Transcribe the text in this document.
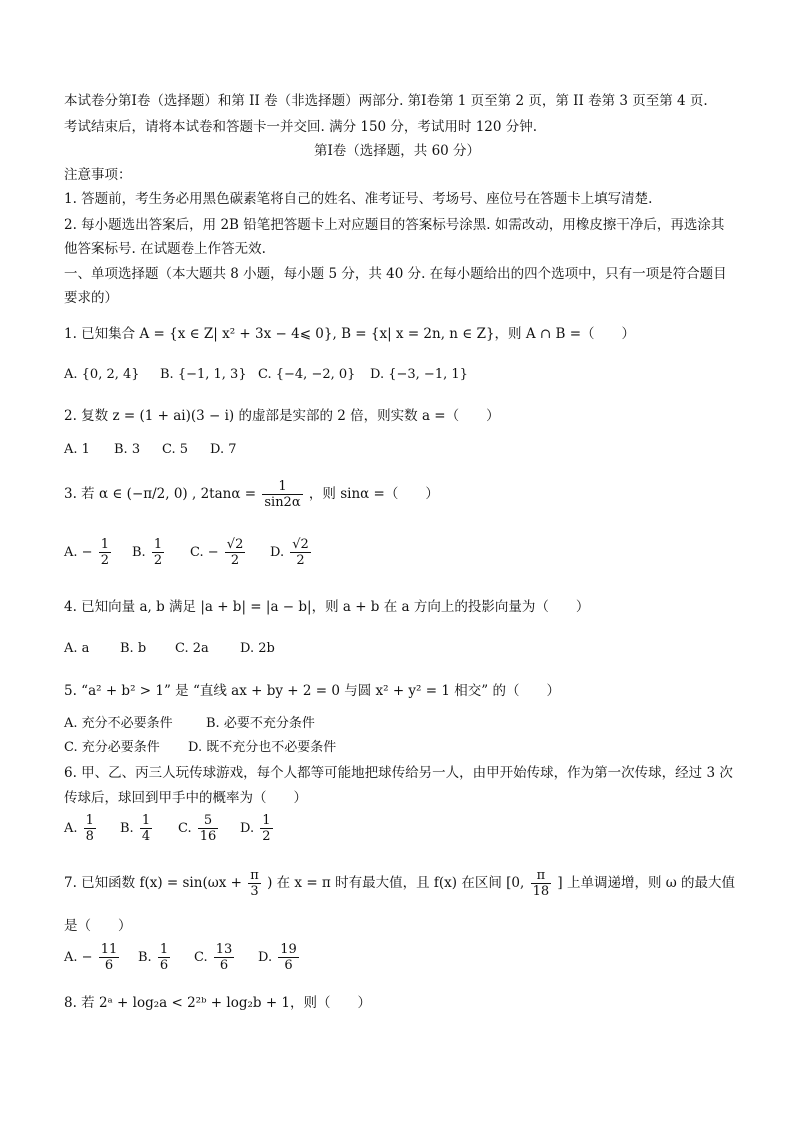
本试卷分第Ⅰ卷（选择题）和第 II 卷（非选择题）两部分. 第Ⅰ卷第 1 页至第 2 页，第 II 卷第 3 页至第 4 页.
考试结束后，请将本试卷和答题卡一并交回. 满分 150 分，考试用时 120 分钟.
第Ⅰ卷（选择题，共 60 分）
注意事项：
1. 答题前，考生务必用黑色碳素笔将自己的姓名、准考证号、考场号、座位号在答题卡上填写清楚.
2. 每小题选出答案后，用 2B 铅笔把答题卡上对应题目的答案标号涂黑. 如需改动，用橡皮擦干净后，再选涂其
他答案标号. 在试题卷上作答无效.
一、单项选择题（本大题共 8 小题，每小题 5 分，共 40 分. 在每小题给出的四个选项中，只有一项是符合题目
要求的）
1. 已知集合 A = {x ∈ Z| x² + 3x − 4⩽ 0}, B = {x| x = 2n, n ∈ Z}，则 A ∩ B =（　　）
A. {0, 2, 4} B. {−1, 1, 3} C. {−4, −2, 0} D. {−3, −1, 1}
2. 复数 z = (1 + ai)(3 − i) 的虚部是实部的 2 倍，则实数 a =（　　）
A. 1 B. 3 C. 5 D. 7
3. 若 α ∈ (−π/2, 0) , $2\tan\alpha = \frac{1}{\sin 2\alpha}$ ，则 sinα =（　　）
A. − $\frac{1}{2} B$. $\frac{1}{2} C$. − $\frac{√2}{2} D$. $\frac{√2}{2}$
4. 已知向量 a, b 满足 |a + b| = |a − b|，则 a + b 在 a 方向上的投影向量为（　　）
A. a B. b C. 2a D. 2b
5. “a² + b² > 1” 是 “直线 ax + by + 2 = 0 与圆 x² + y² = 1 相交” 的（　　）
A. 充分不必要条件	B. 必要不充分条件
C. 充分必要条件 D. 既不充分也不必要条件
6. 甲、乙、丙三人玩传球游戏，每个人都等可能地把球传给另一人，由甲开始传球，作为第一次传球，经过 3 次
传球后，球回到甲手中的概率为（　　）
A. $\frac{1}{8} B$. $\frac{1}{4} C$. $\frac{5}{16} D$. $\frac{1}{2}$
7. 已知函数 $f(x) = \sin(\omega x + \frac{\pi}{3}$ ) 在 x = π 时有最大值，且 f(x) 在区间 [0, $\frac{\pi}{18}$ ] 上单调递增，则 ω 的最大值
是（　　）
A. − $\frac{11}{6} B$. $\frac{1}{6} C$. $\frac{13}{6} D$. $\frac{19}{6}$
8. 若 2ᵃ + log₂a < 2²ᵇ + log₂b + 1，则（　　）
